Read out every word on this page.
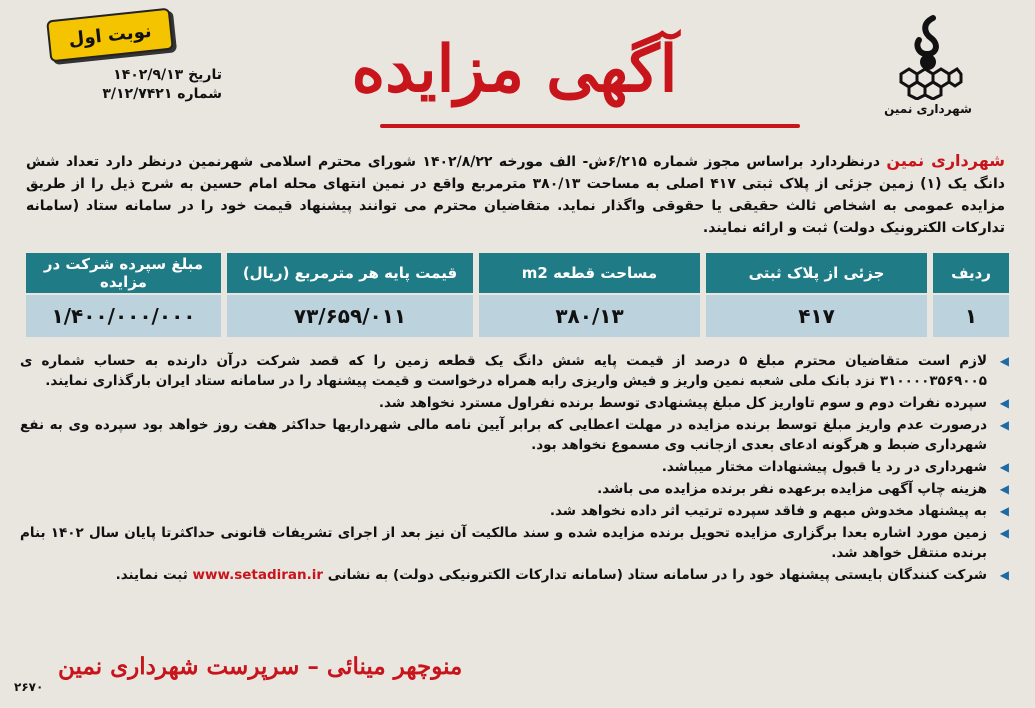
شهرداری نمین
آگهی مزایده
نوبت اول
تاریخ ۱۴۰۲/۹/۱۳
شماره ۳/۱۲/۷۴۲۱

شهرداری نمین درنظردارد براساس مجوز شماره ۶/۲۱۵ش- الف مورخه ۱۴۰۲/۸/۲۲ شورای محترم اسلامی شهرنمین درنظر دارد تعداد شش دانگ یک (۱) زمین جزئی از پلاک ثبتی ۴۱۷ اصلی به مساحت ۳۸۰/۱۳ مترمربع واقع در نمین انتهای محله امام حسین به شرح ذیل را از طریق مزایده عمومی به اشخاص ثالث حقیقی یا حقوقی واگذار نماید. متقاضیان محترم می توانند پیشنهاد قیمت خود را در سامانه ستاد (سامانه تدارکات الکترونیک دولت) ثبت و ارائه نمایند.

ردیف	جزئی از پلاک ثبتی	مساحت قطعه m2	قیمت پایه هر مترمربع (ریال)	مبلغ سپرده شرکت در مزایده
۱	۴۱۷	۳۸۰/۱۳	۷۳/۶۵۹/۰۱۱	۱/۴۰۰/۰۰۰/۰۰۰
◀
لازم است متقاضیان محترم مبلغ ۵ درصد از قیمت پایه شش دانگ یک قطعه زمین را که قصد شرکت درآن دارنده به حساب شماره ی ۳۱۰۰۰۰۳۵۶۹۰۰۵ نزد بانک ملی شعبه نمین واریز و فیش واریزی رابه همراه درخواست و قیمت پیشنهاد را در سامانه ستاد ایران بارگذاری نمایند.
◀
سپرده نفرات دوم و سوم تاواریز کل مبلغ پیشنهادی توسط برنده نفراول مسترد نخواهد شد.
◀
درصورت عدم واریز مبلغ توسط برنده مزایده در مهلت اعطایی که برابر آیین نامه مالی شهرداریها حداکثر هفت روز خواهد بود سپرده وی به نفع شهرداری ضبط و هرگونه ادعای بعدی ازجانب وی مسموع نخواهد بود.
◀
شهرداری در رد یا قبول پیشنهادات مختار میباشد.
◀
هزینه چاپ آگهی مزایده برعهده نفر برنده مزایده می باشد.
◀
به پیشنهاد مخدوش مبهم و فاقد سپرده ترتیب اثر داده نخواهد شد.
◀
زمین مورد اشاره بعدا برگزاری مزایده تحویل برنده مزایده شده و سند مالکیت آن نیز بعد از اجرای تشریفات قانونی حداکثرتا پایان سال ۱۴۰۲ بنام برنده منتقل خواهد شد.
◀
شرکت کنندگان بایستی پیشنهاد خود را در سامانه ستاد (سامانه تدارکات الکترونیکی دولت) به نشانی www.setadiran.ir ثبت نمایند.
منوچهر مینائی – سرپرست شهرداری نمین
۲۶۷۰
